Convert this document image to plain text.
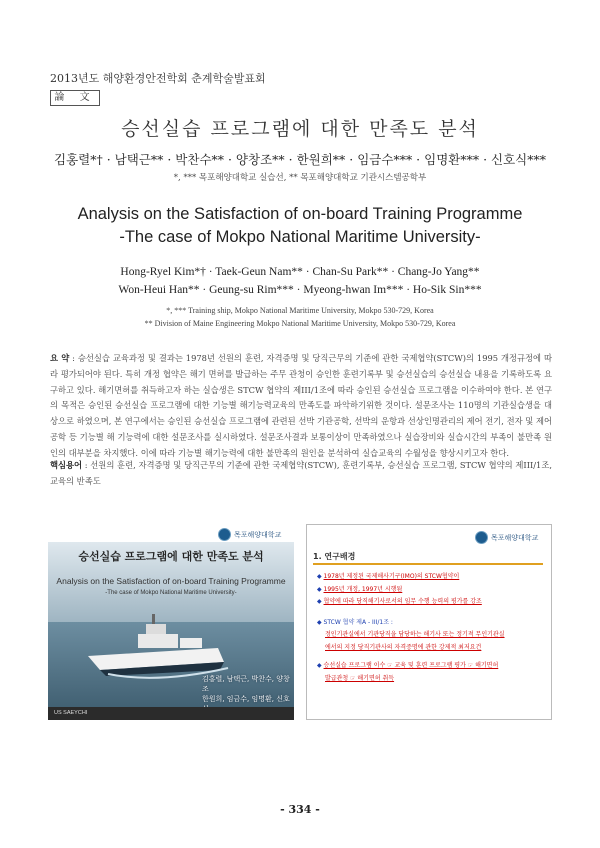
2013년도 해양환경안전학회 춘계학술발표회
論 文
승선실습 프로그램에 대한 만족도 분석
김홍렬*† · 남택근** · 박찬수** · 양창조** · 한원희** · 임금수*** · 임명환*** · 신호식***
*, *** 목포해양대학교 실습선, ** 목포해양대학교 기관시스템공학부
Analysis on the Satisfaction of on-board Training Programme
-The case of Mokpo National Maritime University-
Hong-Ryel Kim*† · Taek-Geun Nam** · Chan-Su Park** · Chang-Jo Yang**
Won-Heui Han** · Geung-su Rim*** · Myeong-hwan Im*** · Ho-Sik Sin***
*, *** Training ship, Mokpo National Maritime University, Mokpo 530-729, Korea
** Division of Maine Engineering Mokpo National Maritime University, Mokpo 530-729, Korea
요 약 : 승선실습 교육과정 및 결과는 1978년 선원의 훈련, 자격증명 및 당직근무의 기준에 관한 국제협약(STCW)의 1995 개정규정에 따라 평가되어야 된다. 특히 개정 협약은 해기 면허를 발급하는 주무 관청이 승인한 훈련기록부 및 승선실습의 승선실습 내용을 기록하도록 요구하고 있다. 해기면허를 취득하고자 하는 실습생은 STCW 협약의 제III/1조에 따라 승인된 승선실습 프로그램을 이수하여야 한다. 본 연구의 목적은 승인된 승선실습 프로그램에 대한 기능별 해기능력교육의 만족도를 파악하기위한 것이다. 설문조사는 110명의 기관실습생을 대상으로 하였으며, 본 연구에서는 승인된 승선실습 프로그램에 관련된 선박 기관공학, 선박의 운항과 선상인명관리의 제어 전기, 전자 및 제어공학 등 기능별 해 기능력에 대한 설문조사를 실시하였다. 설문조사결과 보통이상이 만족하였으나 실습장비와 실습시간의 부족이 불만족 원인의 대부분을 차지했다. 이에 따라 기능별 해기능력에 대한 불만족의 원인을 분석하여 실습교육의 수월성을 향상시키고자 한다.
핵심용어 : 선원의 훈련, 자격증명 및 당직근무의 기준에 관한 국제협약(STCW), 훈련기록부, 승선실습 프로그램, STCW 협약의 제III/1조, 교육의 반족도
목포해양대학교
승선실습 프로그램에 대한 만족도 분석
Analysis on the Satisfaction of on-board Training Programme
-The case of Mokpo National Maritime University-
김홍렬, 남택근, 박찬수, 양창조
한원희, 임금수, 임명환, 신호
US SAEYCHI
목포해양대학교
1. 연구배경
◆ 1978년 제정된 국제해사기구(IMO)의 STCW협약이
◆ 1995년 개정, 1997년 시행됨
◆ 협약에 따라 당직해기사로서의 임무 수행 능력의 평가를 강조
◆ STCW 협약 제A - III/1조 :
정인기관실에서 기관당직을 담당하는 해기사 또는 정기적 무인기관실
에서의 지정 당직기관사의 자격증명에 관한 강제적 최저요건
◆ 승선실습 프로그램 이수 ☞ 교육 및 훈련 프로그램 평가 ☞ 해기면허
발급관청 ☞ 해기면허 취득
- 334 -
